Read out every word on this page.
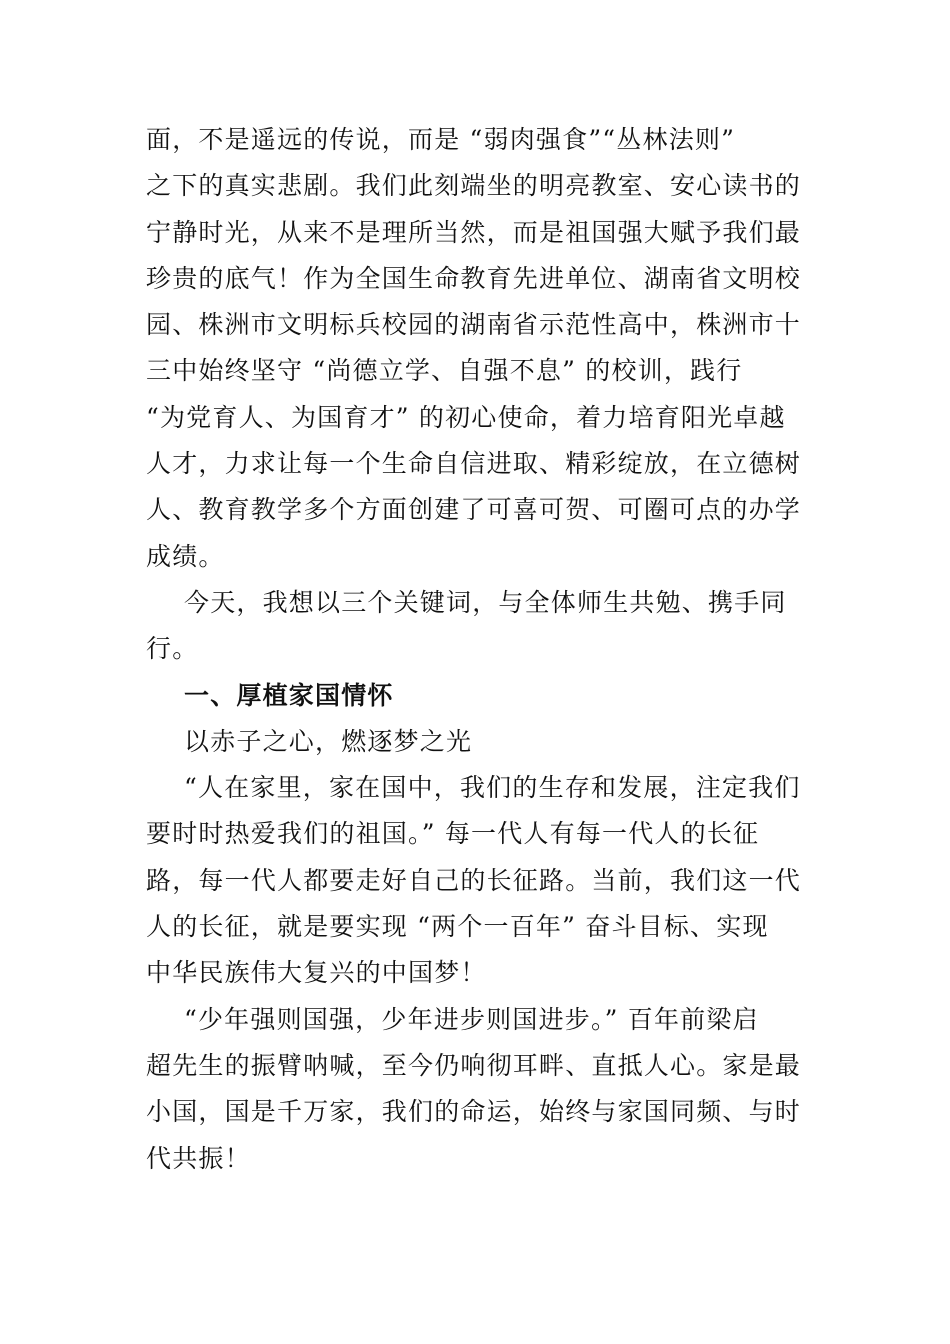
面，不是遥远的传说，而是 “弱肉强食”“丛林法则”
之下的真实悲剧。我们此刻端坐的明亮教室、安心读书的
宁静时光，从来不是理所当然，而是祖国强大赋予我们最
珍贵的底气！作为全国生命教育先进单位、湖南省文明校
园、株洲市文明标兵校园的湖南省示范性高中，株洲市十
三中始终坚守 “尚德立学、自强不息” 的校训，践行
“为党育人、为国育才” 的初心使命，着力培育阳光卓越
人才，力求让每一个生命自信进取、精彩绽放，在立德树
人、教育教学多个方面创建了可喜可贺、可圈可点的办学
成绩。
今天，我想以三个关键词，与全体师生共勉、携手同
行。
一、厚植家国情怀
以赤子之心，燃逐梦之光
“人在家里，家在国中，我们的生存和发展，注定我们
要时时热爱我们的祖国。” 每一代人有每一代人的长征
路，每一代人都要走好自己的长征路。当前，我们这一代
人的长征，就是要实现 “两个一百年” 奋斗目标、实现
中华民族伟大复兴的中国梦！
“少年强则国强，少年进步则国进步。” 百年前梁启
超先生的振臂呐喊，至今仍响彻耳畔、直抵人心。家是最
小国，国是千万家，我们的命运，始终与家国同频、与时
代共振！
